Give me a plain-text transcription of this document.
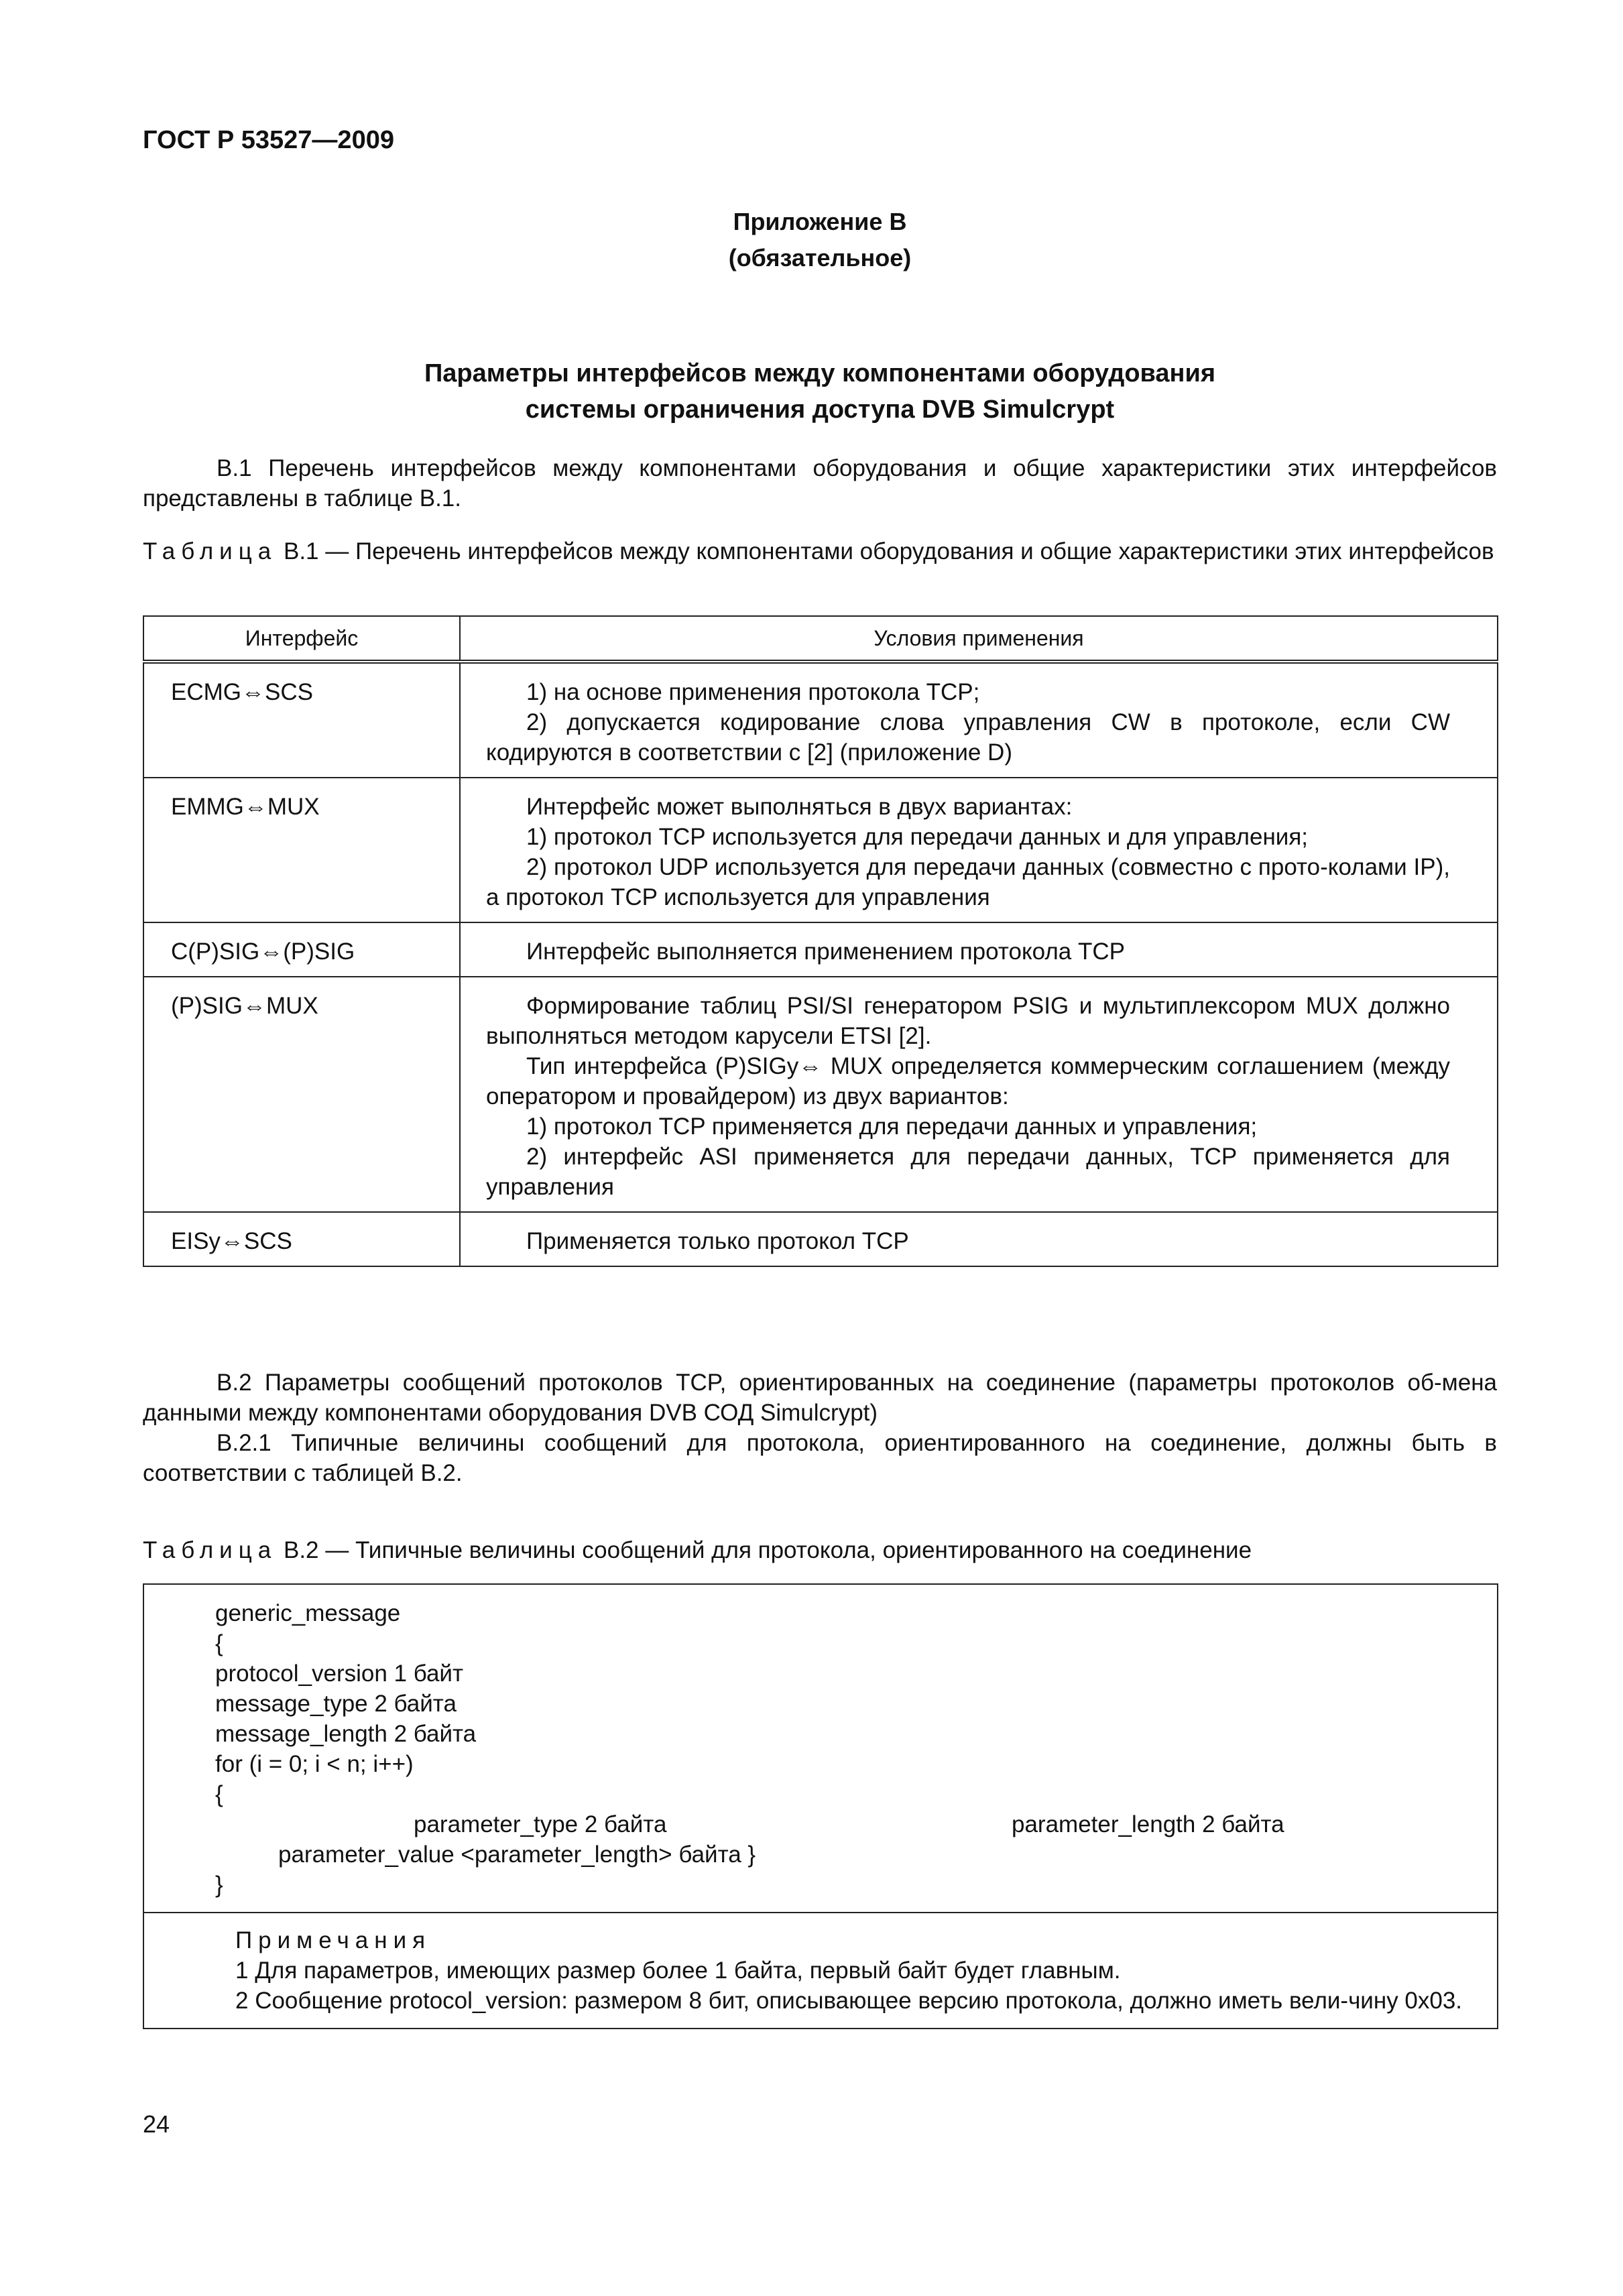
ГОСТ Р 53527—2009
Приложение В
(обязательное)
Параметры интерфейсов между компонентами оборудования
системы ограничения доступа DVB Simulcrypt

В.1 Перечень интерфейсов между компонентами оборудования и общие характеристики этих интерфейсов представлены в таблице В.1.

Таблица В.1 — Перечень интерфейсов между компонентами оборудования и общие характеристики этих интерфейсов

Интерфейс	Условия применения
ECMG⇔SCS	1) на основе применения протокола TCP;

2) допускается кодирование слова управления CW в протоколе, если CW кодируются в соответствии с [2] (приложение D)

EMMG⇔MUX	Интерфейс может выполняться в двух вариантах:

1) протокол TCP используется для передачи данных и для управления;

2) протокол UDP используется для передачи данных (совместно с прото-колами IP), а протокол TCP используется для управления

C(P)SIG⇔(P)SIG	Интерфейс выполняется применением протокола TCP

(P)SIG⇔MUX	Формирование таблиц PSI/SI генератором PSIG и мультиплексором MUX должно выполняться методом карусели ETSI [2].

Тип интерфейса (P)SIGy⇔ MUX определяется коммерческим соглашением (между оператором и провайдером) из двух вариантов:

1) протокол TCP применяется для передачи данных и управления;

2) интерфейс ASI применяется для передачи данных, TCP применяется для управления

EISy⇔SCS	Применяется только протокол TCP

В.2 Параметры сообщений протоколов TCP, ориентированных на соединение (параметры протоколов об-мена данными между компонентами оборудования DVB СОД Simulcrypt)

В.2.1 Типичные величины сообщений для протокола, ориентированного на соединение, должны быть в соответствии с таблицей В.2.

Таблица В.2 — Типичные величины сообщений для протокола, ориентированного на соединение

generic_message

{

protocol_version 1 байт

message_type 2 байта

message_length 2 байта

for (i = 0; i < n; i++)

{

parameter_type 2 байта	parameter_length 2 байта

parameter_value <parameter_length> байта }

}

Примечания

1 Для параметров, имеющих размер более 1 байта, первый байт будет главным.

2 Сообщение protocol_version: размером 8 бит, описывающее версию протокола, должно иметь вели-чину 0x03.

24
